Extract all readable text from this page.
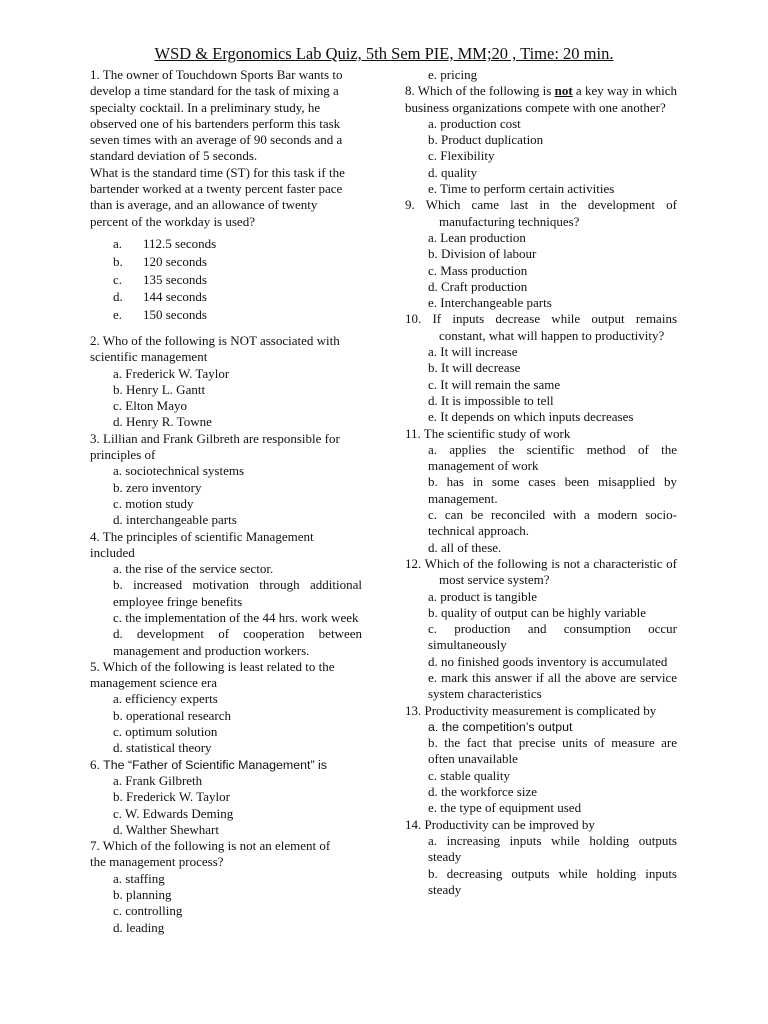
WSD & Ergonomics Lab Quiz, 5th Sem PIE, MM;20 , Time: 20 min.
1. The owner of Touchdown Sports Bar wants to
develop a time standard for the task of mixing a
specialty cocktail. In a preliminary study, he
observed one of his bartenders perform this task
seven times with an average of 90 seconds and a
standard deviation of 5 seconds.
What is the standard time (ST) for this task if the
bartender worked at a twenty percent faster pace
than is average, and an allowance of twenty
percent of the workday is used?
a.	112.5 seconds
b.	120 seconds
c.	135 seconds
d.	144 seconds
e.	150 seconds
2. Who of the following is NOT associated with
scientific management
a. Frederick W. Taylor
b. Henry L. Gantt
c. Elton Mayo
d. Henry R. Towne
3. Lillian and Frank Gilbreth are responsible for
principles of
a. sociotechnical systems
b. zero inventory
c. motion study
d. interchangeable parts
4. The principles of scientific Management
included
a. the rise of the service sector.
b. increased motivation through additional employee fringe benefits
c. the implementation of the 44 hrs. work week
d. development of cooperation between management and production workers.
5. Which of the following is least related to the
management science era
a. efficiency experts
b. operational research
c. optimum solution
d. statistical theory
6. The “Father of Scientific Management” is
a. Frank Gilbreth
b. Frederick W. Taylor
c. W. Edwards Deming
d. Walther Shewhart
7. Which of the following is not an element of
the management process?
a. staffing
b. planning
c. controlling
d. leading
e. pricing
8. Which of the following is not a key way in which business organizations compete with one another?
a. production cost
b. Product duplication
c. Flexibility
d. quality
e. Time to perform certain activities
9. Which came last in the development of manufacturing techniques?
a. Lean production
b. Division of labour
c. Mass production
d. Craft production
e. Interchangeable parts
10. If inputs decrease while output remains constant, what will happen to productivity?
a. It will increase
b. It will decrease
c. It will remain the same
d. It is impossible to tell
e. It depends on which inputs decreases
11. The scientific study of work
a. applies the scientific method of the management of work
b. has in some cases been misapplied by management.
c. can be reconciled with a modern socio-technical approach.
d. all of these.
12. Which of the following is not a characteristic of most service system?
a. product is tangible
b. quality of output can be highly variable
c. production and consumption occur simultaneously
d. no finished goods inventory is accumulated
e. mark this answer if all the above are service system characteristics
13. Productivity measurement is complicated by
a. the competition’s output
b. the fact that precise units of measure are often unavailable
c. stable quality
d. the workforce size
e. the type of equipment used
14. Productivity can be improved by
a. increasing inputs while holding outputs steady
b. decreasing outputs while holding inputs steady
